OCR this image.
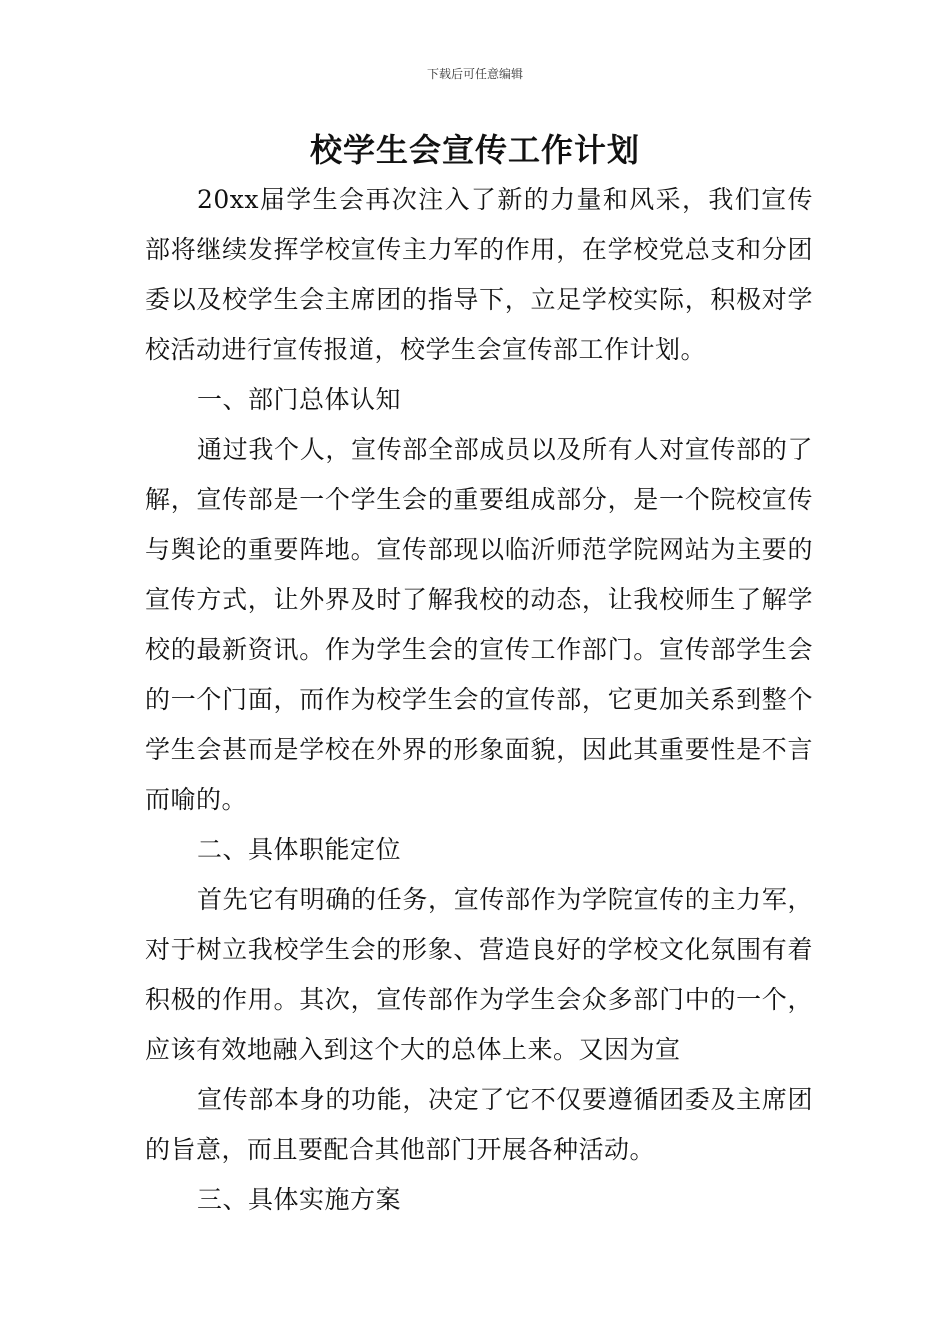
下载后可任意编辑
校学生会宣传工作计划

20xx届学生会再次注入了新的力量和风采，我们宣传部将继续发挥学校宣传主力军的作用，在学校党总支和分团委以及校学生会主席团的指导下，立足学校实际，积极对学校活动进行宣传报道，校学生会宣传部工作计划。

一、部门总体认知

通过我个人，宣传部全部成员以及所有人对宣传部的了解，宣传部是一个学生会的重要组成部分，是一个院校宣传与舆论的重要阵地。宣传部现以临沂师范学院网站为主要的宣传方式，让外界及时了解我校的动态，让我校师生了解学校的最新资讯。作为学生会的宣传工作部门。宣传部学生会的一个门面，而作为校学生会的宣传部，它更加关系到整个学生会甚而是学校在外界的形象面貌，因此其重要性是不言而喻的。

二、具体职能定位

首先它有明确的任务，宣传部作为学院宣传的主力军，对于树立我校学生会的形象、营造良好的学校文化氛围有着积极的作用。其次，宣传部作为学生会众多部门中的一个，应该有效地融入到这个大的总体上来。又因为宣

宣传部本身的功能，决定了它不仅要遵循团委及主席团的旨意，而且要配合其他部门开展各种活动。

三、具体实施方案
